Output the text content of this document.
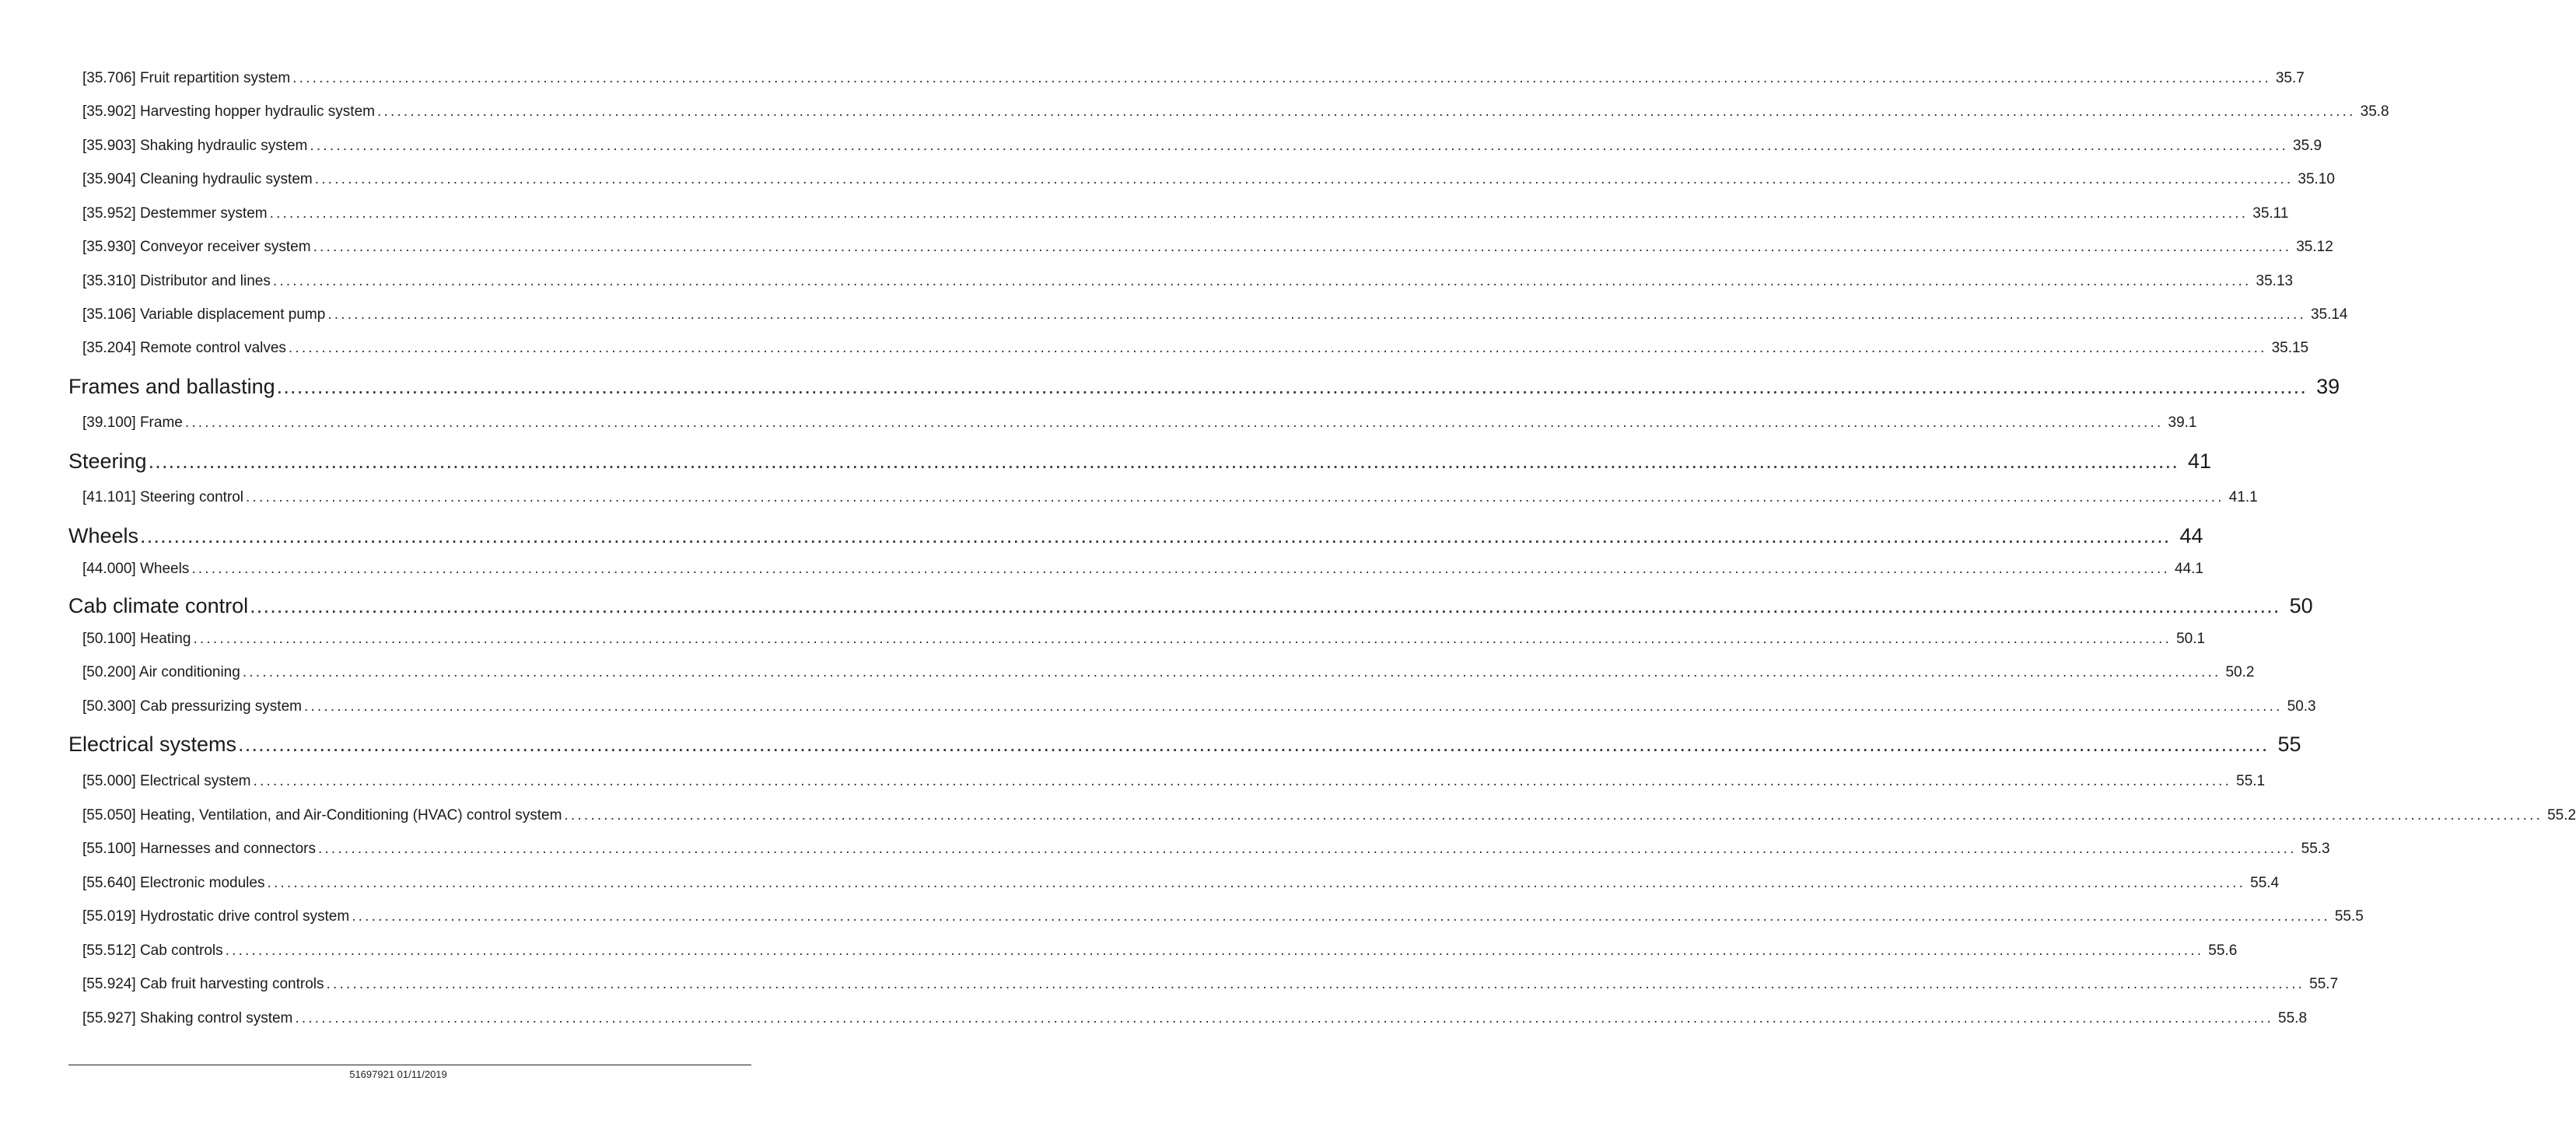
[35.706] Fruit repartition system ............................................................................................................................................................................................................................................................................................................ 35.7
[35.902] Harvesting hopper hydraulic system ............................................................................................................................................................................................................................................................................................................ 35.8
[35.903] Shaking hydraulic system ............................................................................................................................................................................................................................................................................................................ 35.9
[35.904] Cleaning hydraulic system ............................................................................................................................................................................................................................................................................................................ 35.10
[35.952] Destemmer system ............................................................................................................................................................................................................................................................................................................ 35.11
[35.930] Conveyor receiver system ............................................................................................................................................................................................................................................................................................................ 35.12
[35.310] Distributor and lines ............................................................................................................................................................................................................................................................................................................ 35.13
[35.106] Variable displacement pump ............................................................................................................................................................................................................................................................................................................ 35.14
[35.204] Remote control valves ............................................................................................................................................................................................................................................................................................................ 35.15
Frames and ballasting ............................................................................................................................................................................................................................................................................................................ 39
[39.100] Frame ............................................................................................................................................................................................................................................................................................................ 39.1
Steering ............................................................................................................................................................................................................................................................................................................ 41
[41.101] Steering control ............................................................................................................................................................................................................................................................................................................ 41.1
Wheels ............................................................................................................................................................................................................................................................................................................ 44
[44.000] Wheels ............................................................................................................................................................................................................................................................................................................ 44.1
Cab climate control ............................................................................................................................................................................................................................................................................................................ 50
[50.100] Heating ............................................................................................................................................................................................................................................................................................................ 50.1
[50.200] Air conditioning ............................................................................................................................................................................................................................................................................................................ 50.2
[50.300] Cab pressurizing system ............................................................................................................................................................................................................................................................................................................ 50.3
Electrical systems ............................................................................................................................................................................................................................................................................................................ 55
[55.000] Electrical system ............................................................................................................................................................................................................................................................................................................ 55.1
[55.050] Heating, Ventilation, and Air-Conditioning (HVAC) control system ............................................................................................................................................................................................................................................................................................................ 55.2
[55.100] Harnesses and connectors ............................................................................................................................................................................................................................................................................................................ 55.3
[55.640] Electronic modules ............................................................................................................................................................................................................................................................................................................ 55.4
[55.019] Hydrostatic drive control system ............................................................................................................................................................................................................................................................................................................ 55.5
[55.512] Cab controls ............................................................................................................................................................................................................................................................................................................ 55.6
[55.924] Cab fruit harvesting controls ............................................................................................................................................................................................................................................................................................................ 55.7
[55.927] Shaking control system ............................................................................................................................................................................................................................................................................................................ 55.8
51697921 01/11/2019
